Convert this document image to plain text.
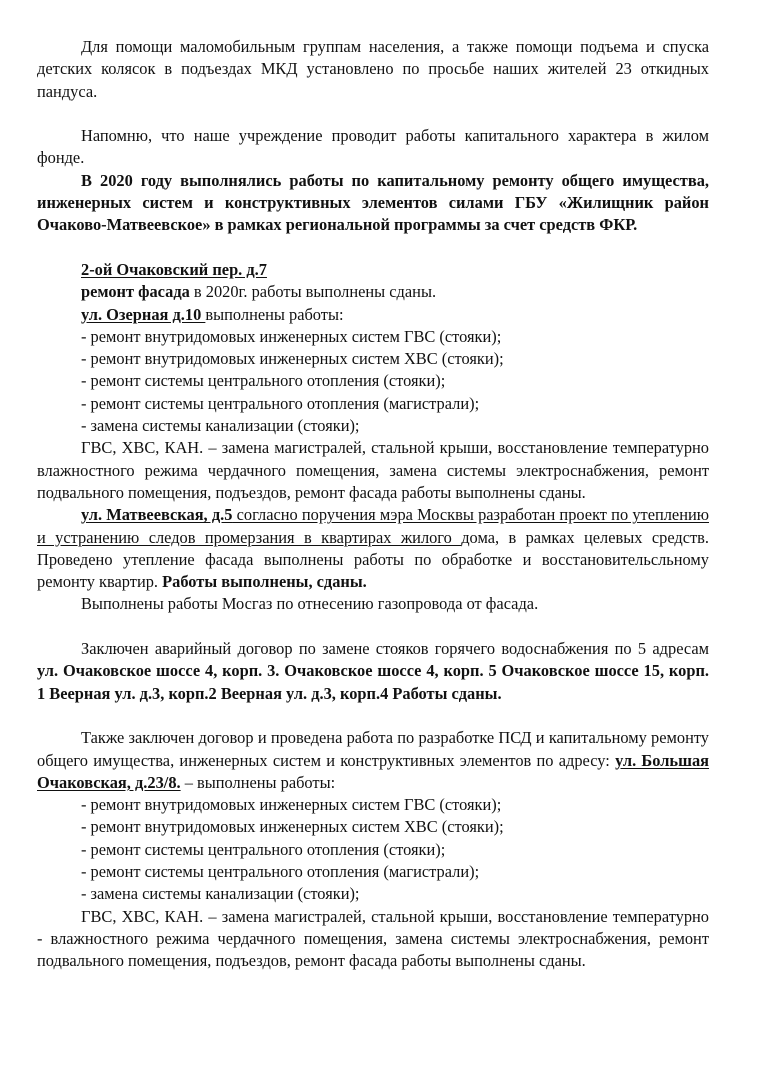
Для помощи маломобильным группам населения, а также помощи подъема и спуска детских колясок в подъездах МКД установлено по просьбе наших жителей 23 откидных пандуса.

Напомню, что наше учреждение проводит работы капитального характера в жилом фонде.

В 2020 году выполнялись работы по капитальному ремонту общего имущества, инженерных систем и конструктивных элементов силами ГБУ «Жилищник район Очаково-Матвеевское» в рамках региональной программы за счет средств ФКР.

2-ой Очаковский пер. д.7

ремонт фасада в 2020г. работы выполнены сданы.

ул. Озерная д.10 выполнены работы:

- ремонт внутридомовых инженерных систем ГВС (стояки);

- ремонт внутридомовых инженерных систем ХВС (стояки);

- ремонт системы центрального отопления (стояки);

- ремонт системы центрального отопления (магистрали);

- замена системы канализации (стояки);

ГВС, ХВС, КАН. – замена магистралей, стальной крыши, восстановление температурно влажностного режима чердачного помещения, замена системы электроснабжения, ремонт подвального помещения, подъездов, ремонт фасада работы выполнены сданы.

ул. Матвеевская, д.5 согласно поручения мэра Москвы разработан проект по утеплению и устранению следов промерзания в квартирах жилого дома, в рамках целевых средств. Проведено утепление фасада выполнены работы по обработке и восстановительсльному ремонту квартир. Работы выполнены, сданы.

Выполнены работы Мосгаз по отнесению газопровода от фасада.

Заключен аварийный договор по замене стояков горячего водоснабжения по 5 адресам ул. Очаковское шоссе 4, корп. 3. Очаковское шоссе 4, корп. 5 Очаковское шоссе 15, корп. 1 Веерная ул. д.3, корп.2 Веерная ул. д.3, корп.4 Работы сданы.

Также заключен договор и проведена работа по разработке ПСД и капитальному ремонту общего имущества, инженерных систем и конструктивных элементов по адресу: ул. Большая Очаковская, д.23/8. – выполнены работы:

- ремонт внутридомовых инженерных систем ГВС (стояки);

- ремонт внутридомовых инженерных систем ХВС (стояки);

- ремонт системы центрального отопления (стояки);

- ремонт системы центрального отопления (магистрали);

- замена системы канализации (стояки);

ГВС, ХВС, КАН. – замена магистралей, стальной крыши, восстановление температурно - влажностного режима чердачного помещения, замена системы электроснабжения, ремонт подвального помещения, подъездов, ремонт фасада работы выполнены сданы.
